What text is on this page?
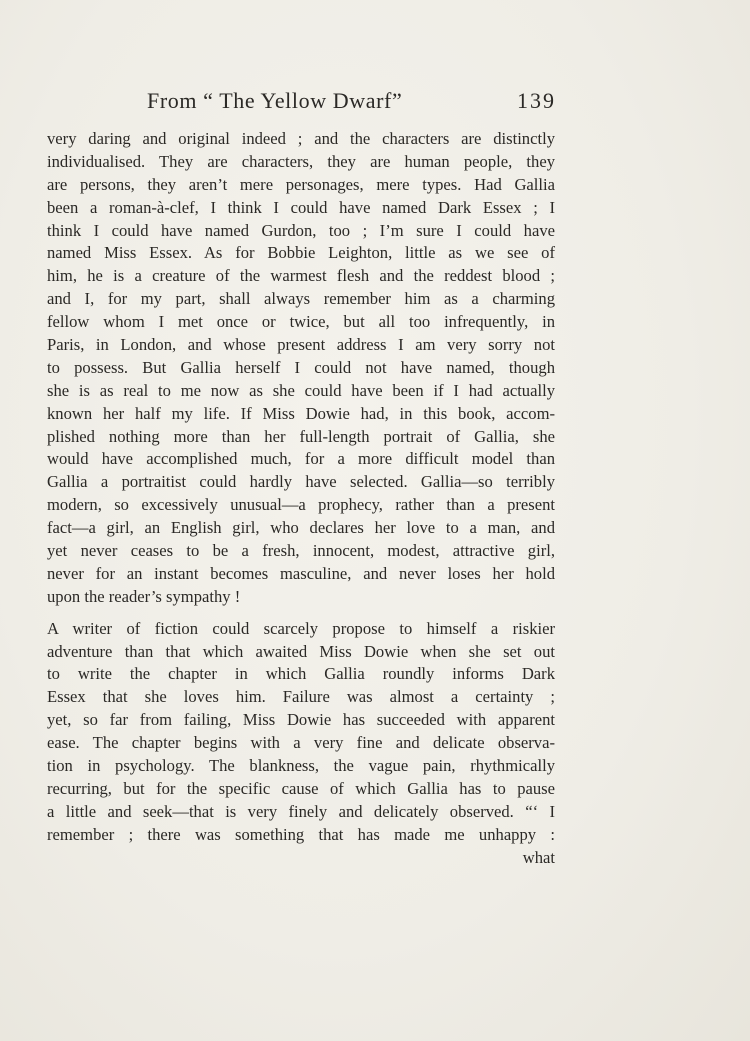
From “ The Yellow Dwarf”	139
very daring and original indeed ; and the characters are distinctly
individualised. They are characters, they are human people, they
are persons, they aren’t mere personages, mere types. Had Gallia
been a roman-à-clef, I think I could have named Dark Essex ; I
think I could have named Gurdon, too ; I’m sure I could have
named Miss Essex. As for Bobbie Leighton, little as we see of
him, he is a creature of the warmest flesh and the reddest blood ;
and I, for my part, shall always remember him as a charming
fellow whom I met once or twice, but all too infrequently, in
Paris, in London, and whose present address I am very sorry not
to possess. But Gallia herself I could not have named, though
she is as real to me now as she could have been if I had actually
known her half my life. If Miss Dowie had, in this book, accom-
plished nothing more than her full-length portrait of Gallia, she
would have accomplished much, for a more difficult model than
Gallia a portraitist could hardly have selected. Gallia—so terribly
modern, so excessively unusual—a prophecy, rather than a present
fact—a girl, an English girl, who declares her love to a man, and
yet never ceases to be a fresh, innocent, modest, attractive girl,
never for an instant becomes masculine, and never loses her hold
upon the reader’s sympathy !
A writer of fiction could scarcely propose to himself a riskier
adventure than that which awaited Miss Dowie when she set out
to write the chapter in which Gallia roundly informs Dark
Essex that she loves him. Failure was almost a certainty ;
yet, so far from failing, Miss Dowie has succeeded with apparent
ease. The chapter begins with a very fine and delicate observa-
tion in psychology. The blankness, the vague pain, rhythmically
recurring, but for the specific cause of which Gallia has to pause
a little and seek—that is very finely and delicately observed. “‘ I
remember ; there was something that has made me unhappy :
what
